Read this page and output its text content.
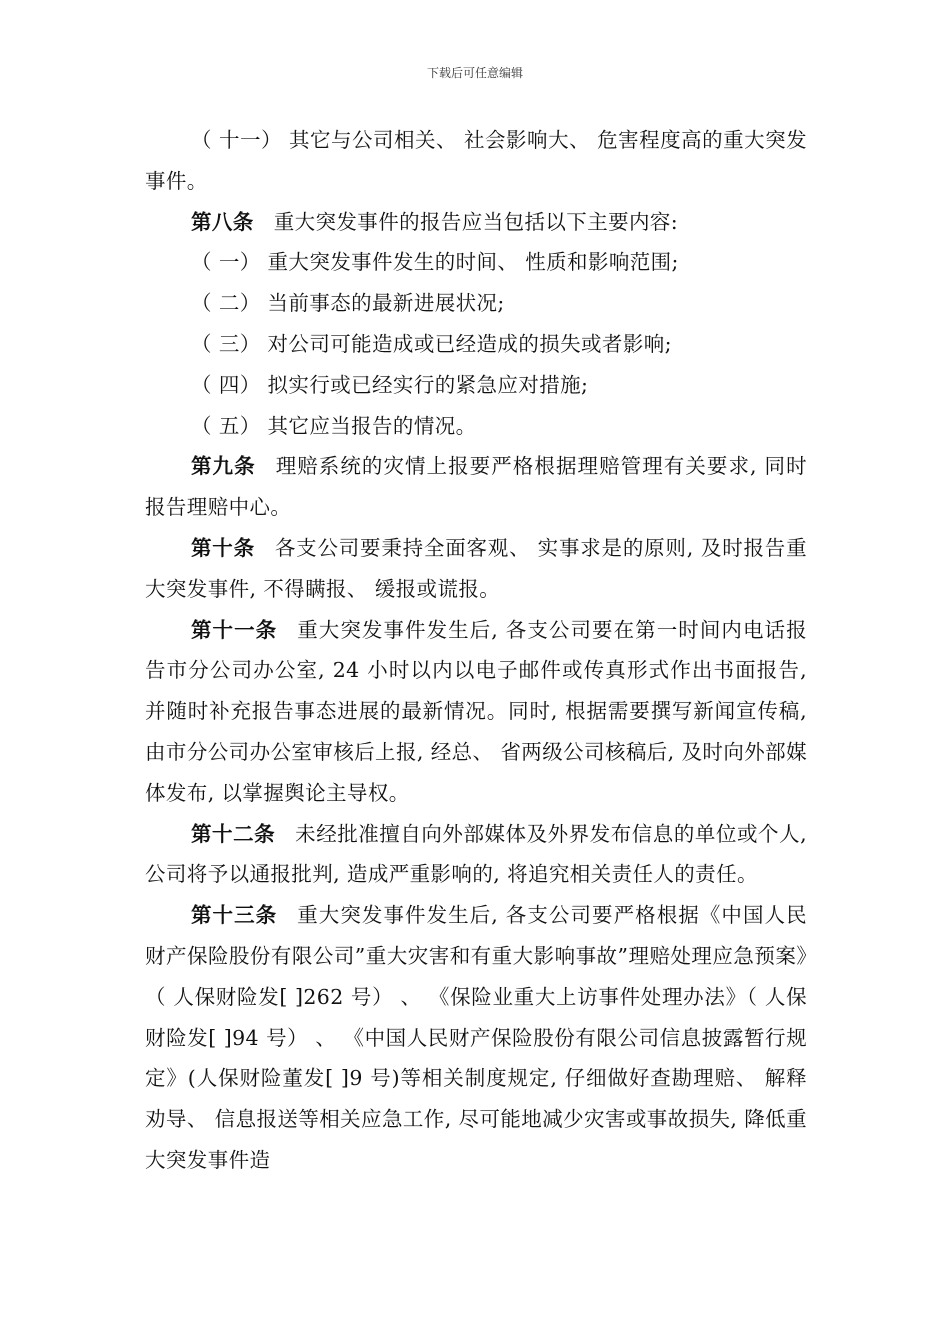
下载后可任意编辑

（ 十一） 其它与公司相关、 社会影响大、 危害程度高的重大突发事件。

第八条 重大突发事件的报告应当包括以下主要内容:

（ 一） 重大突发事件发生的时间、 性质和影响范围;

（ 二） 当前事态的最新进展状况;

（ 三） 对公司可能造成或已经造成的损失或者影响;

（ 四） 拟实行或已经实行的紧急应对措施;

（ 五） 其它应当报告的情况。

第九条 理赔系统的灾情上报要严格根据理赔管理有关要求, 同时报告理赔中心。

第十条 各支公司要秉持全面客观、 实事求是的原则, 及时报告重大突发事件, 不得瞒报、 缓报或谎报。

第十一条 重大突发事件发生后, 各支公司要在第一时间内电话报告市分公司办公室, 24 小时以内以电子邮件或传真形式作出书面报告, 并随时补充报告事态进展的最新情况。同时, 根据需要撰写新闻宣传稿, 由市分公司办公室审核后上报, 经总、 省两级公司核稿后, 及时向外部媒体发布, 以掌握舆论主导权。

第十二条 未经批准擅自向外部媒体及外界发布信息的单位或个人, 公司将予以通报批判, 造成严重影响的, 将追究相关责任人的责任。

第十三条 重大突发事件发生后, 各支公司要严格根据《中国人民财产保险股份有限公司”重大灾害和有重大影响事故”理赔处理应急预案》（ 人保财险发[ ]262 号） 、 《保险业重大上访事件处理办法》（ 人保财险发[ ]94 号） 、 《中国人民财产保险股份有限公司信息披露暂行规定》(人保财险董发[ ]9 号)等相关制度规定, 仔细做好查勘理赔、 解释劝导、 信息报送等相关应急工作, 尽可能地减少灾害或事故损失, 降低重大突发事件造
